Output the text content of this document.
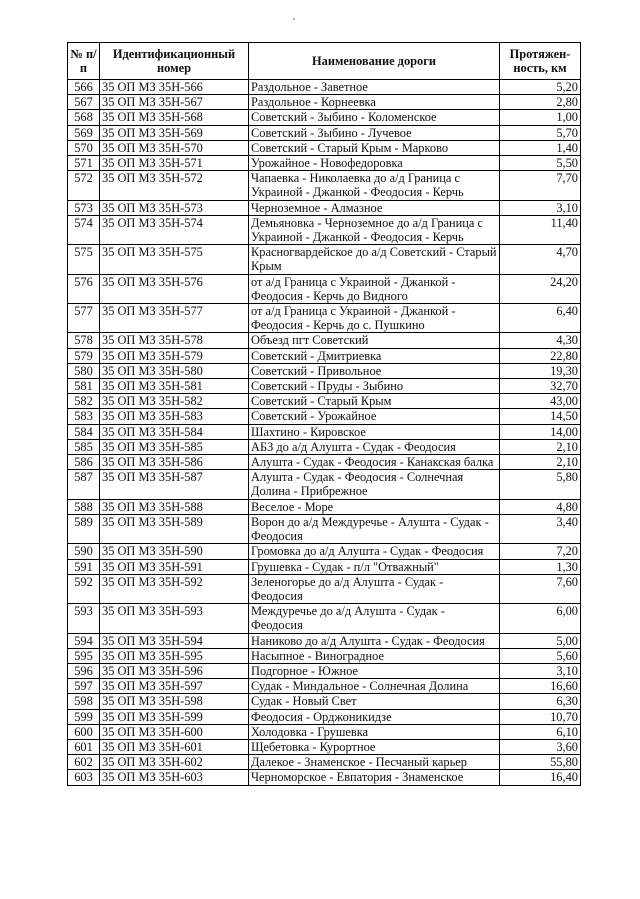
№ п/п	Идентификационный номер	Наименование дороги	Протяжен-ность, км
566	35 ОП МЗ 35Н-566	Раздольное - Заветное	5,20
567	35 ОП МЗ 35Н-567	Раздольное - Корнеевка	2,80
568	35 ОП МЗ 35Н-568	Советский - Зыбино - Коломенское	1,00
569	35 ОП МЗ 35Н-569	Советский - Зыбино - Лучевое	5,70
570	35 ОП МЗ 35Н-570	Советский - Старый Крым - Марково	1,40
571	35 ОП МЗ 35Н-571	Урожайное - Новофедоровка	5,50
572	35 ОП МЗ 35Н-572	Чапаевка - Николаевка до а/д Граница с Украиной - Джанкой - Феодосия - Керчь	7,70
573	35 ОП МЗ 35Н-573	Черноземное - Алмазное	3,10
574	35 ОП МЗ 35Н-574	Демьяновка - Черноземное до а/д Граница с Украиной - Джанкой - Феодосия - Керчь	11,40
575	35 ОП МЗ 35Н-575	Красногвардейское до а/д Советский - Старый Крым	4,70
576	35 ОП МЗ 35Н-576	от а/д Граница с Украиной - Джанкой - Феодосия - Керчь до Видного	24,20
577	35 ОП МЗ 35Н-577	от а/д Граница с Украиной - Джанкой - Феодосия - Керчь до с. Пушкино	6,40
578	35 ОП МЗ 35Н-578	Объезд пгт Советский	4,30
579	35 ОП МЗ 35Н-579	Советский - Дмитриевка	22,80
580	35 ОП МЗ 35Н-580	Советский - Привольное	19,30
581	35 ОП МЗ 35Н-581	Советский - Пруды - Зыбино	32,70
582	35 ОП МЗ 35Н-582	Советский - Старый Крым	43,00
583	35 ОП МЗ 35Н-583	Советский - Урожайное	14,50
584	35 ОП МЗ 35Н-584	Шахтино - Кировское	14,00
585	35 ОП МЗ 35Н-585	АБЗ до а/д Алушта - Судак - Феодосия	2,10
586	35 ОП МЗ 35Н-586	Алушта - Судак - Феодосия - Канакская балка	2,10
587	35 ОП МЗ 35Н-587	Алушта - Судак - Феодосия - Солнечная Долина - Прибрежное	5,80
588	35 ОП МЗ 35Н-588	Веселое - Море	4,80
589	35 ОП МЗ 35Н-589	Ворон до а/д Междуречье - Алушта - Судак - Феодосия	3,40
590	35 ОП МЗ 35Н-590	Громовка до а/д Алушта - Судак - Феодосия	7,20
591	35 ОП МЗ 35Н-591	Грушевка - Судак - п/л "Отважный"	1,30
592	35 ОП МЗ 35Н-592	Зеленогорье до а/д Алушта - Судак - Феодосия	7,60
593	35 ОП МЗ 35Н-593	Междуречье до а/д Алушта - Судак - Феодосия	6,00
594	35 ОП МЗ 35Н-594	Наниково до а/д Алушта - Судак - Феодосия	5,00
595	35 ОП МЗ 35Н-595	Насыпное - Виноградное	5,60
596	35 ОП МЗ 35Н-596	Подгорное - Южное	3,10
597	35 ОП МЗ 35Н-597	Судак - Миндальное - Солнечная Долина	16,60
598	35 ОП МЗ 35Н-598	Судак - Новый Свет	6,30
599	35 ОП МЗ 35Н-599	Феодосия - Орджоникидзе	10,70
600	35 ОП МЗ 35Н-600	Холодовка - Грушевка	6,10
601	35 ОП МЗ 35Н-601	Щебетовка - Курортное	3,60
602	35 ОП МЗ 35Н-602	Далекое - Знаменское - Песчаный карьер	55,80
603	35 ОП МЗ 35Н-603	Черноморское - Евпатория - Знаменское	16,40
